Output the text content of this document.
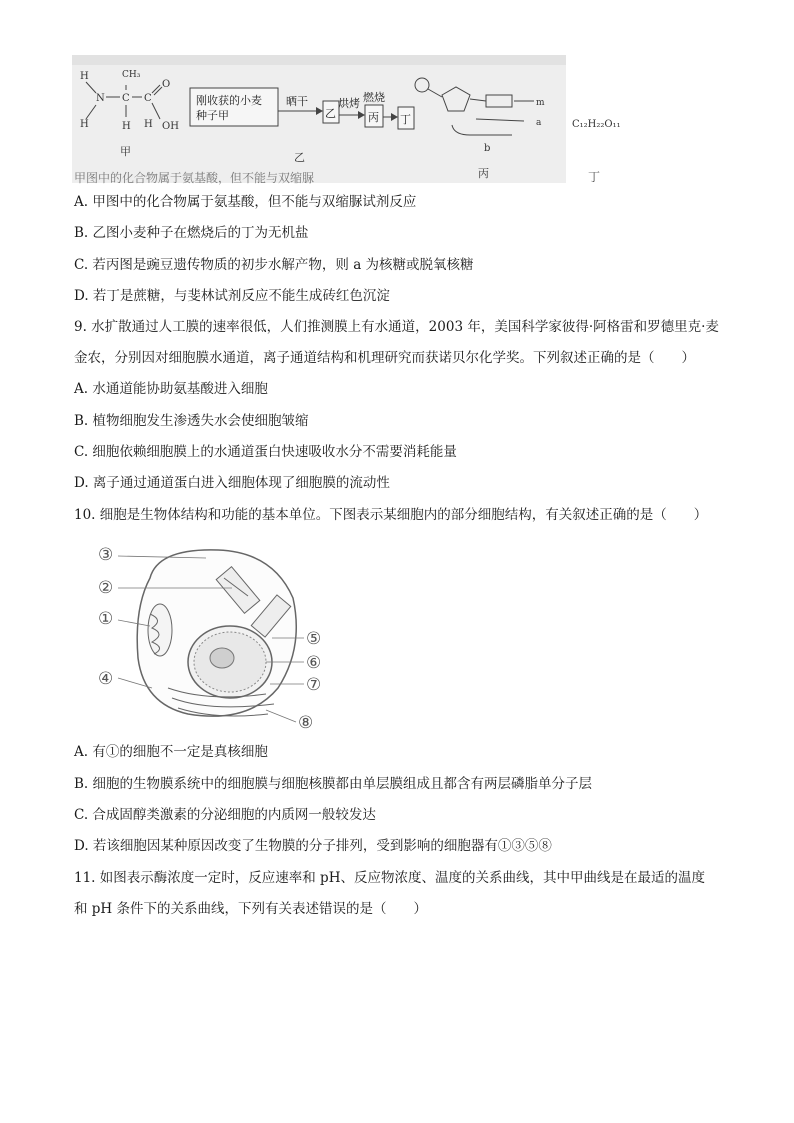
H
N C C
O
OH
H	H H
CH₃
甲
刚收获的小麦
种子甲
晒干
乙
烘烤
丙
燃烧
丁
乙
m
a
b
丙
C₁₂H₂₂O₁₁
甲图中的化合物属于氨基酸，但不能与双缩脲	丁
A. 甲图中的化合物属于氨基酸，但不能与双缩脲试剂反应
B. 乙图小麦种子在燃烧后的丁为无机盐
C. 若丙图是豌豆遗传物质的初步水解产物，则 a 为核糖或脱氧核糖
D. 若丁是蔗糖，与斐林试剂反应不能生成砖红色沉淀
9. 水扩散通过人工膜的速率很低，人们推测膜上有水通道，2003 年，美国科学家彼得·阿格雷和罗德里克·麦
金农，分别因对细胞膜水通道，离子通道结构和机理研究而获诺贝尔化学奖。下列叙述正确的是（　　）
A. 水通道能协助氨基酸进入细胞
B. 植物细胞发生渗透失水会使细胞皱缩
C. 细胞依赖细胞膜上的水通道蛋白快速吸收水分不需要消耗能量
D. 离子通过通道蛋白进入细胞体现了细胞膜的流动性
10. 细胞是生物体结构和功能的基本单位。下图表示某细胞内的部分细胞结构，有关叙述正确的是（　　）
③
②
①
④
⑤
⑥
⑦
⑧
A. 有①的细胞不一定是真核细胞
B. 细胞的生物膜系统中的细胞膜与细胞核膜都由单层膜组成且都含有两层磷脂单分子层
C. 合成固醇类激素的分泌细胞的内质网一般较发达
D. 若该细胞因某种原因改变了生物膜的分子排列，受到影响的细胞器有①③⑤⑧
11. 如图表示酶浓度一定时，反应速率和 pH、反应物浓度、温度的关系曲线，其中甲曲线是在最适的温度
和 pH 条件下的关系曲线，下列有关表述错误的是（　　）
